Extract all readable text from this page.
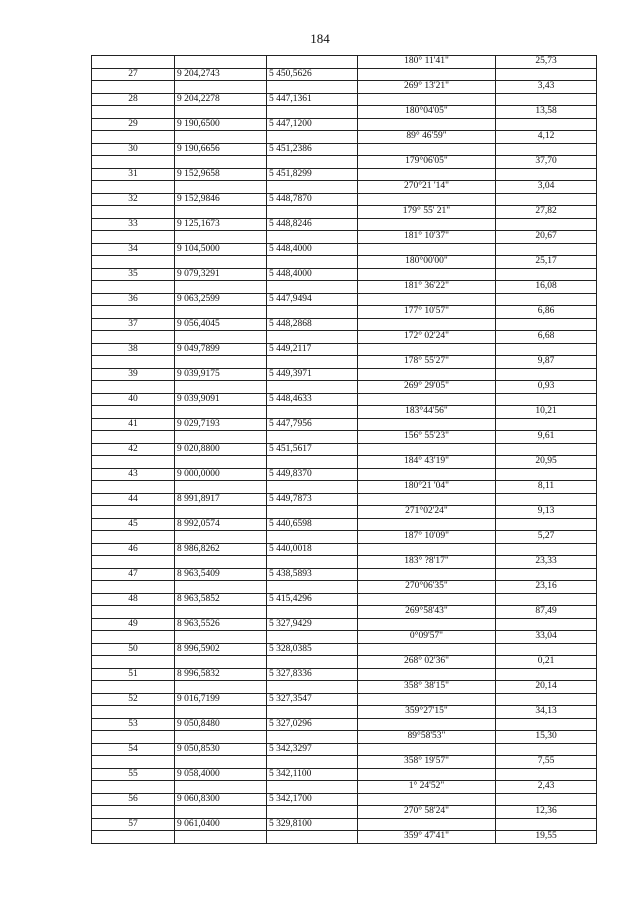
184
			180° 11'41"	25,73
27	9 204,2743	5 450,5626		
			269° 13'21"	3,43
28	9 204,2278	5 447,1361		
			180°04'05"	13,58
29	9 190,6500	5 447,1200		
			89° 46'59"	4,12
30	9 190,6656	5 451,2386		
			179°06'05"	37,70
31	9 152,9658	5 451,8299		
			270°21 '14"	3,04
32	9 152,9846	5 448,7870		
			179° 55' 21"	27,82
33	9 125,1673	5 448,8246		
			181° 10'37"	20,67
34	9 104,5000	5 448,4000		
			180°00'00"	25,17
35	9 079,3291	5 448,4000		
			181° 36'22"	16,08
36	9 063,2599	5 447,9494		
			177° 10'57"	6,86
37	9 056,4045	5 448,2868		
			172° 02'24"	6,68
38	9 049,7899	5 449,2117		
			178° 55'27"	9,87
39	9 039,9175	5 449,3971		
			269° 29'05"	0,93
40	9 039,9091	5 448,4633		
			183°44'56"	10,21
41	9 029,7193	5 447,7956		
			156° 55'23"	9,61
42	9 020,8800	5 451,5617		
			184° 43'19"	20,95
43	9 000,0000	5 449,8370		
			180°21 '04"	8,11
44	8 991,8917	5 449,7873		
			271°02'24"	9,13
45	8 992,0574	5 440,6598		
			187° 10'09"	5,27
46	8 986,8262	5 440,0018		
			183° ?8'17"	23,33
47	8 963,5409	5 438,5893		
			270°06'35"	23,16
48	8 963,5852	5 415,4296		
			269°58'43"	87,49
49	8 963,5526	5 327,9429		
			0°09'57"	33,04
50	8 996,5902	5 328,0385		
			268° 02'36"	0,21
51	8 996,5832	5 327,8336		
			358° 38'15"	20,14
52	9 016,7199	5 327,3547		
			359°27'15"	34,13
53	9 050,8480	5 327,0296		
			89°58'53"	15,30
54	9 050,8530	5 342,3297		
			358° 19'57"	7,55
55	9 058,4000	5 342,1100		
			1° 24'52"	2,43
56	9 060,8300	5 342,1700		
			270° 58'24"	12,36
57	9 061,0400	5 329,8100		
			359° 47'41"	19,55
